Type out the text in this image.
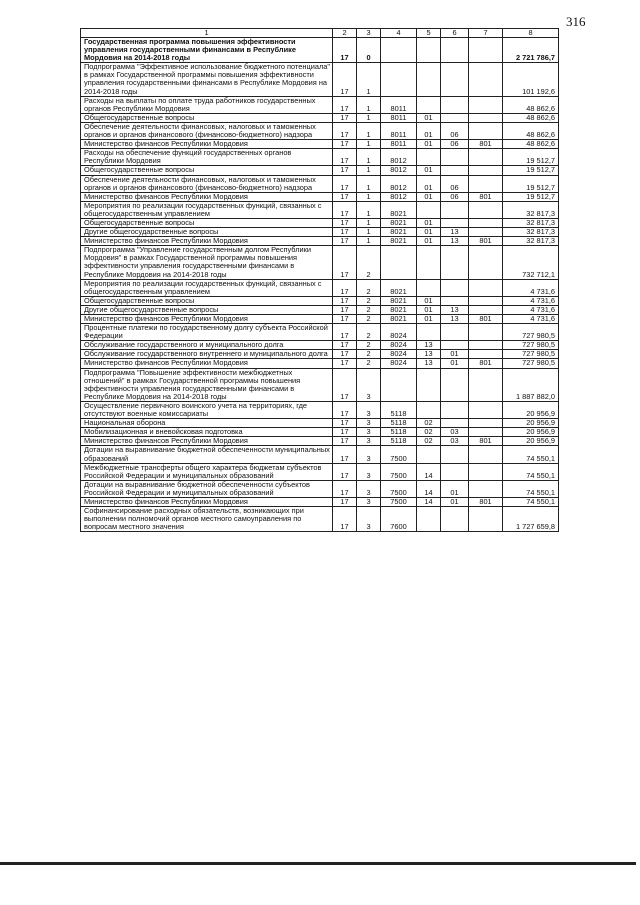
316
1	2	3	4	5	6	7	8
Государственная программа повышения эффективности управления государственными финансами в Республике Мордовия на 2014-2018 годы	17	0					2 721 786,7
Подпрограмма "Эффективное использование бюджетного потенциала" в рамках Государственной программы повышения эффективности управления государственными финансами в Республике Мордовия на 2014-2018 годы	17	1					101 192,6
Расходы на выплаты по оплате труда работников государственных органов Республики Мордовия	17	1	8011				48 862,6
Общегосударственные вопросы	17	1	8011	01			48 862,6
Обеспечение деятельности финансовых, налоговых и таможенных органов и органов финансового (финансово-бюджетного) надзора	17	1	8011	01	06		48 862,6
Министерство финансов Республики Мордовия	17	1	8011	01	06	801	48 862,6
Расходы на обеспечение функций государственных органов Республики Мордовия	17	1	8012				19 512,7
Общегосударственные вопросы	17	1	8012	01			19 512,7
Обеспечение деятельности финансовых, налоговых и таможенных органов и органов финансового (финансово-бюджетного) надзора	17	1	8012	01	06		19 512,7
Министерство финансов Республики Мордовия	17	1	8012	01	06	801	19 512,7
Мероприятия по реализации государственных функций, связанных с общегосударственным управлением	17	1	8021				32 817,3
Общегосударственные вопросы	17	1	8021	01			32 817,3
Другие общегосударственные вопросы	17	1	8021	01	13		32 817,3
Министерство финансов Республики Мордовия	17	1	8021	01	13	801	32 817,3
Подпрограмма "Управление государственным долгом Республики Мордовия" в рамках Государственной программы повышения эффективности управления государственными финансами в Республике Мордовия на 2014-2018 годы	17	2					732 712,1
Мероприятия по реализации государственных функций, связанных с общегосударственным управлением	17	2	8021				4 731,6
Общегосударственные вопросы	17	2	8021	01			4 731,6
Другие общегосударственные вопросы	17	2	8021	01	13		4 731,6
Министерство финансов Республики Мордовия	17	2	8021	01	13	801	4 731,6
Процентные платежи по государственному долгу субъекта Российской Федерации	17	2	8024				727 980,5
Обслуживание государственного и муниципального долга	17	2	8024	13			727 980,5
Обслуживание государственного внутреннего и муниципального долга	17	2	8024	13	01		727 980,5
Министерство финансов Республики Мордовия	17	2	8024	13	01	801	727 980,5
Подпрограмма "Повышение эффективности межбюджетных отношений" в рамках Государственной программы повышения эффективности управления государственными финансами в Республике Мордовия на 2014-2018 годы	17	3					1 887 882,0
Осуществление первичного воинского учета на территориях, где отсутствуют военные комиссариаты	17	3	5118				20 956,9
Национальная оборона	17	3	5118	02			20 956,9
Мобилизационная и вневойсковая подготовка	17	3	5118	02	03		20 956,9
Министерство финансов Республики Мордовия	17	3	5118	02	03	801	20 956,9
Дотации на выравнивание бюджетной обеспеченности муниципальных образований	17	3	7500				74 550,1
Межбюджетные трансферты общего характера бюджетам субъектов Российской Федерации и муниципальных образований	17	3	7500	14			74 550,1
Дотации на выравнивание бюджетной обеспеченности субъектов Российской Федерации и муниципальных образований	17	3	7500	14	01		74 550,1
Министерство финансов Республики Мордовия	17	3	7500	14	01	801	74 550,1
Софинансирование расходных обязательств, возникающих при выполнении полномочий органов местного самоуправления по вопросам местного значения	17	3	7600				1 727 659,8
